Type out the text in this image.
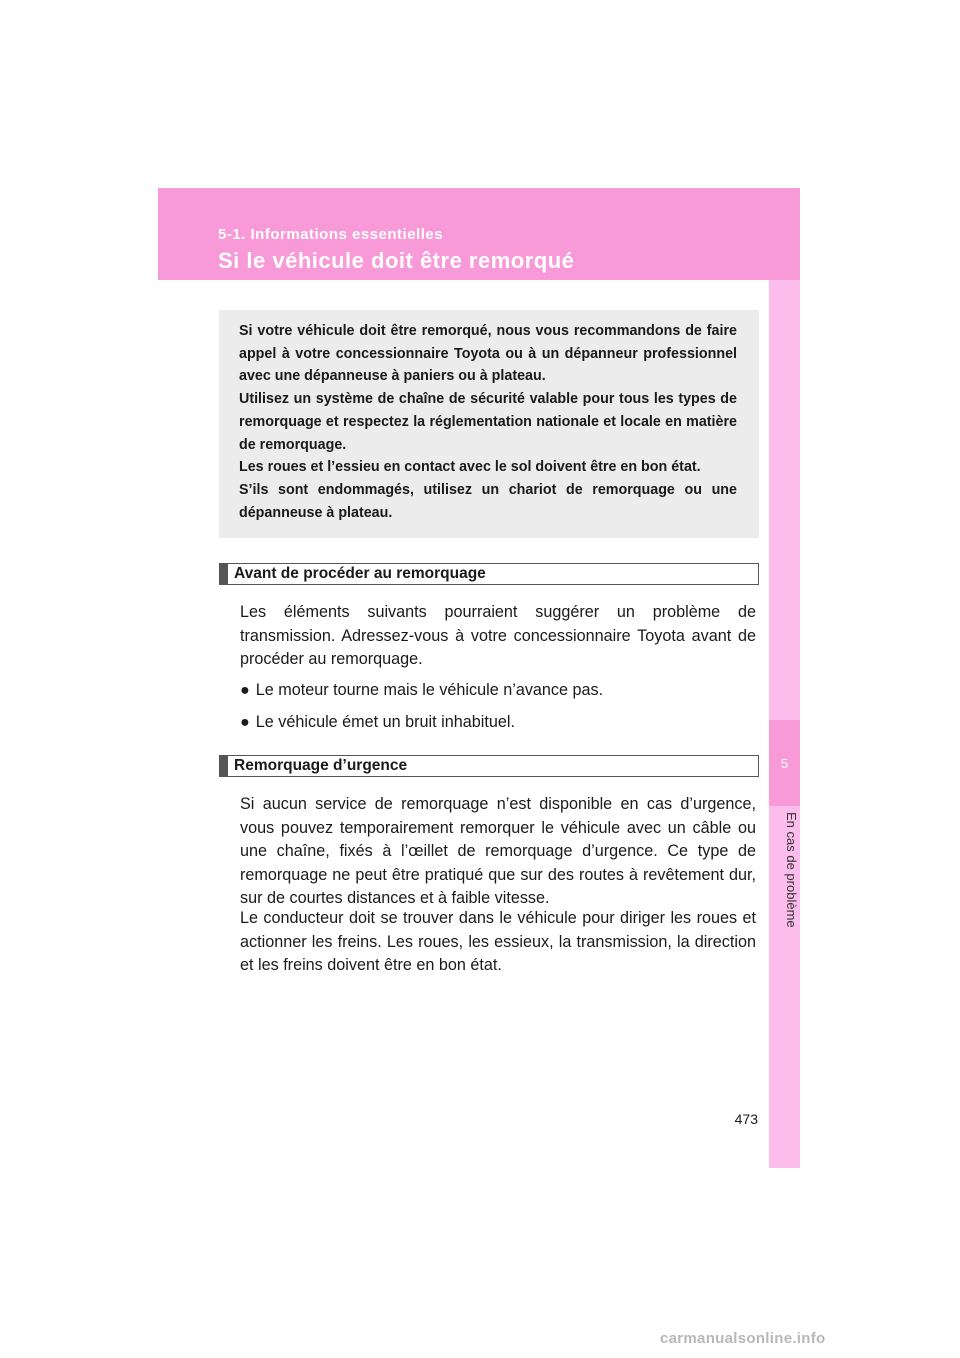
5-1. Informations essentielles
Si le véhicule doit être remorqué
5
En cas de problème

Si votre véhicule doit être remorqué, nous vous recommandons de faire appel à votre concessionnaire Toyota ou à un dépanneur professionnel avec une dépanneuse à paniers ou à plateau.

Utilisez un système de chaîne de sécurité valable pour tous les types de remorquage et respectez la réglementation nationale et locale en matière de remorquage.

Les roues et l’essieu en contact avec le sol doivent être en bon état.

S’ils sont endommagés, utilisez un chariot de remorquage ou une dépanneuse à plateau.

Avant de procéder au remorquage

Les éléments suivants pourraient suggérer un problème de transmission. Adressez-vous à votre concessionnaire Toyota avant de procéder au remorquage.

● Le moteur tourne mais le véhicule n’avance pas.
● Le véhicule émet un bruit inhabituel.
Remorquage d’urgence

Si aucun service de remorquage n’est disponible en cas d’urgence, vous pouvez temporairement remorquer le véhicule avec un câble ou une chaîne, fixés à l’œillet de remorquage d’urgence. Ce type de remorquage ne peut être pratiqué que sur des routes à revêtement dur, sur de courtes distances et à faible vitesse.

Le conducteur doit se trouver dans le véhicule pour diriger les roues et actionner les freins. Les roues, les essieux, la transmission, la direction et les freins doivent être en bon état.

473
carmanualsonline.info
